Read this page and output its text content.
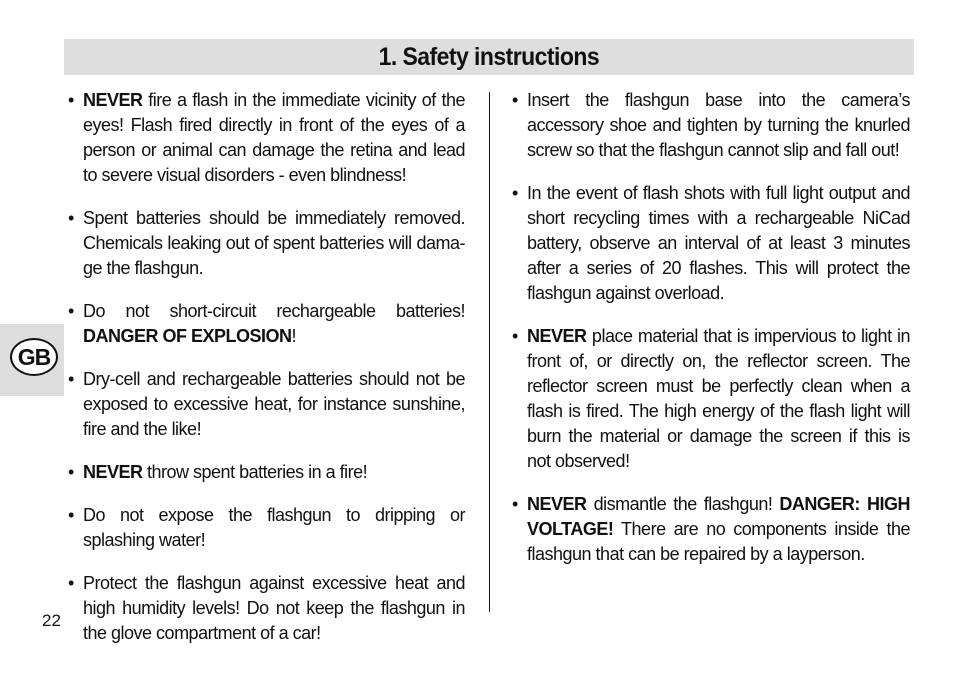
1. Safety instructions
GB

• NEVER fire a flash in the immediate vicinity of the eyes! Flash fired directly in front of the eyes of a person or animal can damage the retina and lead to severe visual disorders - even blindness!

• Spent batteries should be immediately removed. Chemicals leaking out of spent batteries will dama-ge the flashgun.

• Do not short-circuit rechargeable batteries! DANGER OF EXPLOSION!

• Dry-cell and rechargeable batteries should not be exposed to excessive heat, for instance sunshine, fire and the like!

• NEVER throw spent batteries in a fire!

• Do not expose the flashgun to dripping or splashing water!

• Protect the flashgun against excessive heat and high humidity levels! Do not keep the flashgun in the glove compartment of a car!

• Insert the flashgun base into the camera’s accessory shoe and tighten by turning the knurled screw so that the flashgun cannot slip and fall out!

• In the event of flash shots with full light output and short recycling times with a rechargeable NiCad battery, observe an interval of at least 3 minutes after a series of 20 flashes. This will protect the flashgun against overload.

• NEVER place material that is impervious to light in front of, or directly on, the reflector screen. The reflector screen must be perfectly clean when a flash is fired. The high energy of the flash light will burn the material or damage the screen if this is not observed!

• NEVER dismantle the flashgun! DANGER: HIGH VOLTAGE! There are no components inside the flashgun that can be repaired by a layperson.

22
